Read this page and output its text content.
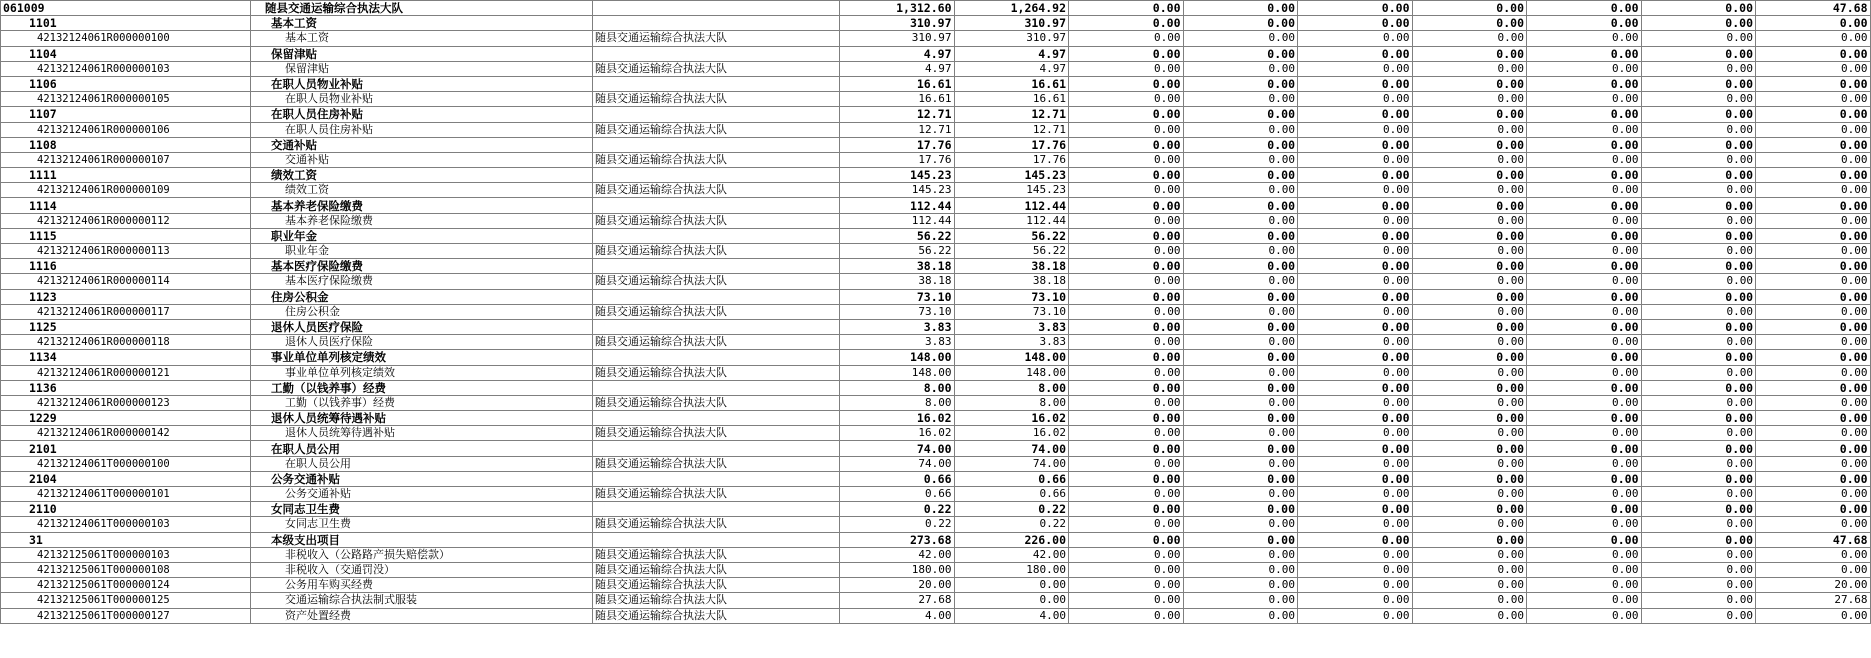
061009	随县交通运输综合执法大队		1,312.60	1,264.92	0.00	0.00	0.00	0.00	0.00	0.00	47.68
1101	基本工资		310.97	310.97	0.00	0.00	0.00	0.00	0.00	0.00	0.00
42132124061R000000100	基本工资	随县交通运输综合执法大队	310.97	310.97	0.00	0.00	0.00	0.00	0.00	0.00	0.00
1104	保留津贴		4.97	4.97	0.00	0.00	0.00	0.00	0.00	0.00	0.00
42132124061R000000103	保留津贴	随县交通运输综合执法大队	4.97	4.97	0.00	0.00	0.00	0.00	0.00	0.00	0.00
1106	在职人员物业补贴		16.61	16.61	0.00	0.00	0.00	0.00	0.00	0.00	0.00
42132124061R000000105	在职人员物业补贴	随县交通运输综合执法大队	16.61	16.61	0.00	0.00	0.00	0.00	0.00	0.00	0.00
1107	在职人员住房补贴		12.71	12.71	0.00	0.00	0.00	0.00	0.00	0.00	0.00
42132124061R000000106	在职人员住房补贴	随县交通运输综合执法大队	12.71	12.71	0.00	0.00	0.00	0.00	0.00	0.00	0.00
1108	交通补贴		17.76	17.76	0.00	0.00	0.00	0.00	0.00	0.00	0.00
42132124061R000000107	交通补贴	随县交通运输综合执法大队	17.76	17.76	0.00	0.00	0.00	0.00	0.00	0.00	0.00
1111	绩效工资		145.23	145.23	0.00	0.00	0.00	0.00	0.00	0.00	0.00
42132124061R000000109	绩效工资	随县交通运输综合执法大队	145.23	145.23	0.00	0.00	0.00	0.00	0.00	0.00	0.00
1114	基本养老保险缴费		112.44	112.44	0.00	0.00	0.00	0.00	0.00	0.00	0.00
42132124061R000000112	基本养老保险缴费	随县交通运输综合执法大队	112.44	112.44	0.00	0.00	0.00	0.00	0.00	0.00	0.00
1115	职业年金		56.22	56.22	0.00	0.00	0.00	0.00	0.00	0.00	0.00
42132124061R000000113	职业年金	随县交通运输综合执法大队	56.22	56.22	0.00	0.00	0.00	0.00	0.00	0.00	0.00
1116	基本医疗保险缴费		38.18	38.18	0.00	0.00	0.00	0.00	0.00	0.00	0.00
42132124061R000000114	基本医疗保险缴费	随县交通运输综合执法大队	38.18	38.18	0.00	0.00	0.00	0.00	0.00	0.00	0.00
1123	住房公积金		73.10	73.10	0.00	0.00	0.00	0.00	0.00	0.00	0.00
42132124061R000000117	住房公积金	随县交通运输综合执法大队	73.10	73.10	0.00	0.00	0.00	0.00	0.00	0.00	0.00
1125	退休人员医疗保险		3.83	3.83	0.00	0.00	0.00	0.00	0.00	0.00	0.00
42132124061R000000118	退休人员医疗保险	随县交通运输综合执法大队	3.83	3.83	0.00	0.00	0.00	0.00	0.00	0.00	0.00
1134	事业单位单列核定绩效		148.00	148.00	0.00	0.00	0.00	0.00	0.00	0.00	0.00
42132124061R000000121	事业单位单列核定绩效	随县交通运输综合执法大队	148.00	148.00	0.00	0.00	0.00	0.00	0.00	0.00	0.00
1136	工勤（以钱养事）经费		8.00	8.00	0.00	0.00	0.00	0.00	0.00	0.00	0.00
42132124061R000000123	工勤（以钱养事）经费	随县交通运输综合执法大队	8.00	8.00	0.00	0.00	0.00	0.00	0.00	0.00	0.00
1229	退休人员统筹待遇补贴		16.02	16.02	0.00	0.00	0.00	0.00	0.00	0.00	0.00
42132124061R000000142	退休人员统筹待遇补贴	随县交通运输综合执法大队	16.02	16.02	0.00	0.00	0.00	0.00	0.00	0.00	0.00
2101	在职人员公用		74.00	74.00	0.00	0.00	0.00	0.00	0.00	0.00	0.00
42132124061T000000100	在职人员公用	随县交通运输综合执法大队	74.00	74.00	0.00	0.00	0.00	0.00	0.00	0.00	0.00
2104	公务交通补贴		0.66	0.66	0.00	0.00	0.00	0.00	0.00	0.00	0.00
42132124061T000000101	公务交通补贴	随县交通运输综合执法大队	0.66	0.66	0.00	0.00	0.00	0.00	0.00	0.00	0.00
2110	女同志卫生费		0.22	0.22	0.00	0.00	0.00	0.00	0.00	0.00	0.00
42132124061T000000103	女同志卫生费	随县交通运输综合执法大队	0.22	0.22	0.00	0.00	0.00	0.00	0.00	0.00	0.00
31	本级支出项目		273.68	226.00	0.00	0.00	0.00	0.00	0.00	0.00	47.68
42132125061T000000103	非税收入（公路路产损失赔偿款）	随县交通运输综合执法大队	42.00	42.00	0.00	0.00	0.00	0.00	0.00	0.00	0.00
42132125061T000000108	非税收入（交通罚没）	随县交通运输综合执法大队	180.00	180.00	0.00	0.00	0.00	0.00	0.00	0.00	0.00
42132125061T000000124	公务用车购买经费	随县交通运输综合执法大队	20.00	0.00	0.00	0.00	0.00	0.00	0.00	0.00	20.00
42132125061T000000125	交通运输综合执法制式服装	随县交通运输综合执法大队	27.68	0.00	0.00	0.00	0.00	0.00	0.00	0.00	27.68
42132125061T000000127	资产处置经费	随县交通运输综合执法大队	4.00	4.00	0.00	0.00	0.00	0.00	0.00	0.00	0.00
